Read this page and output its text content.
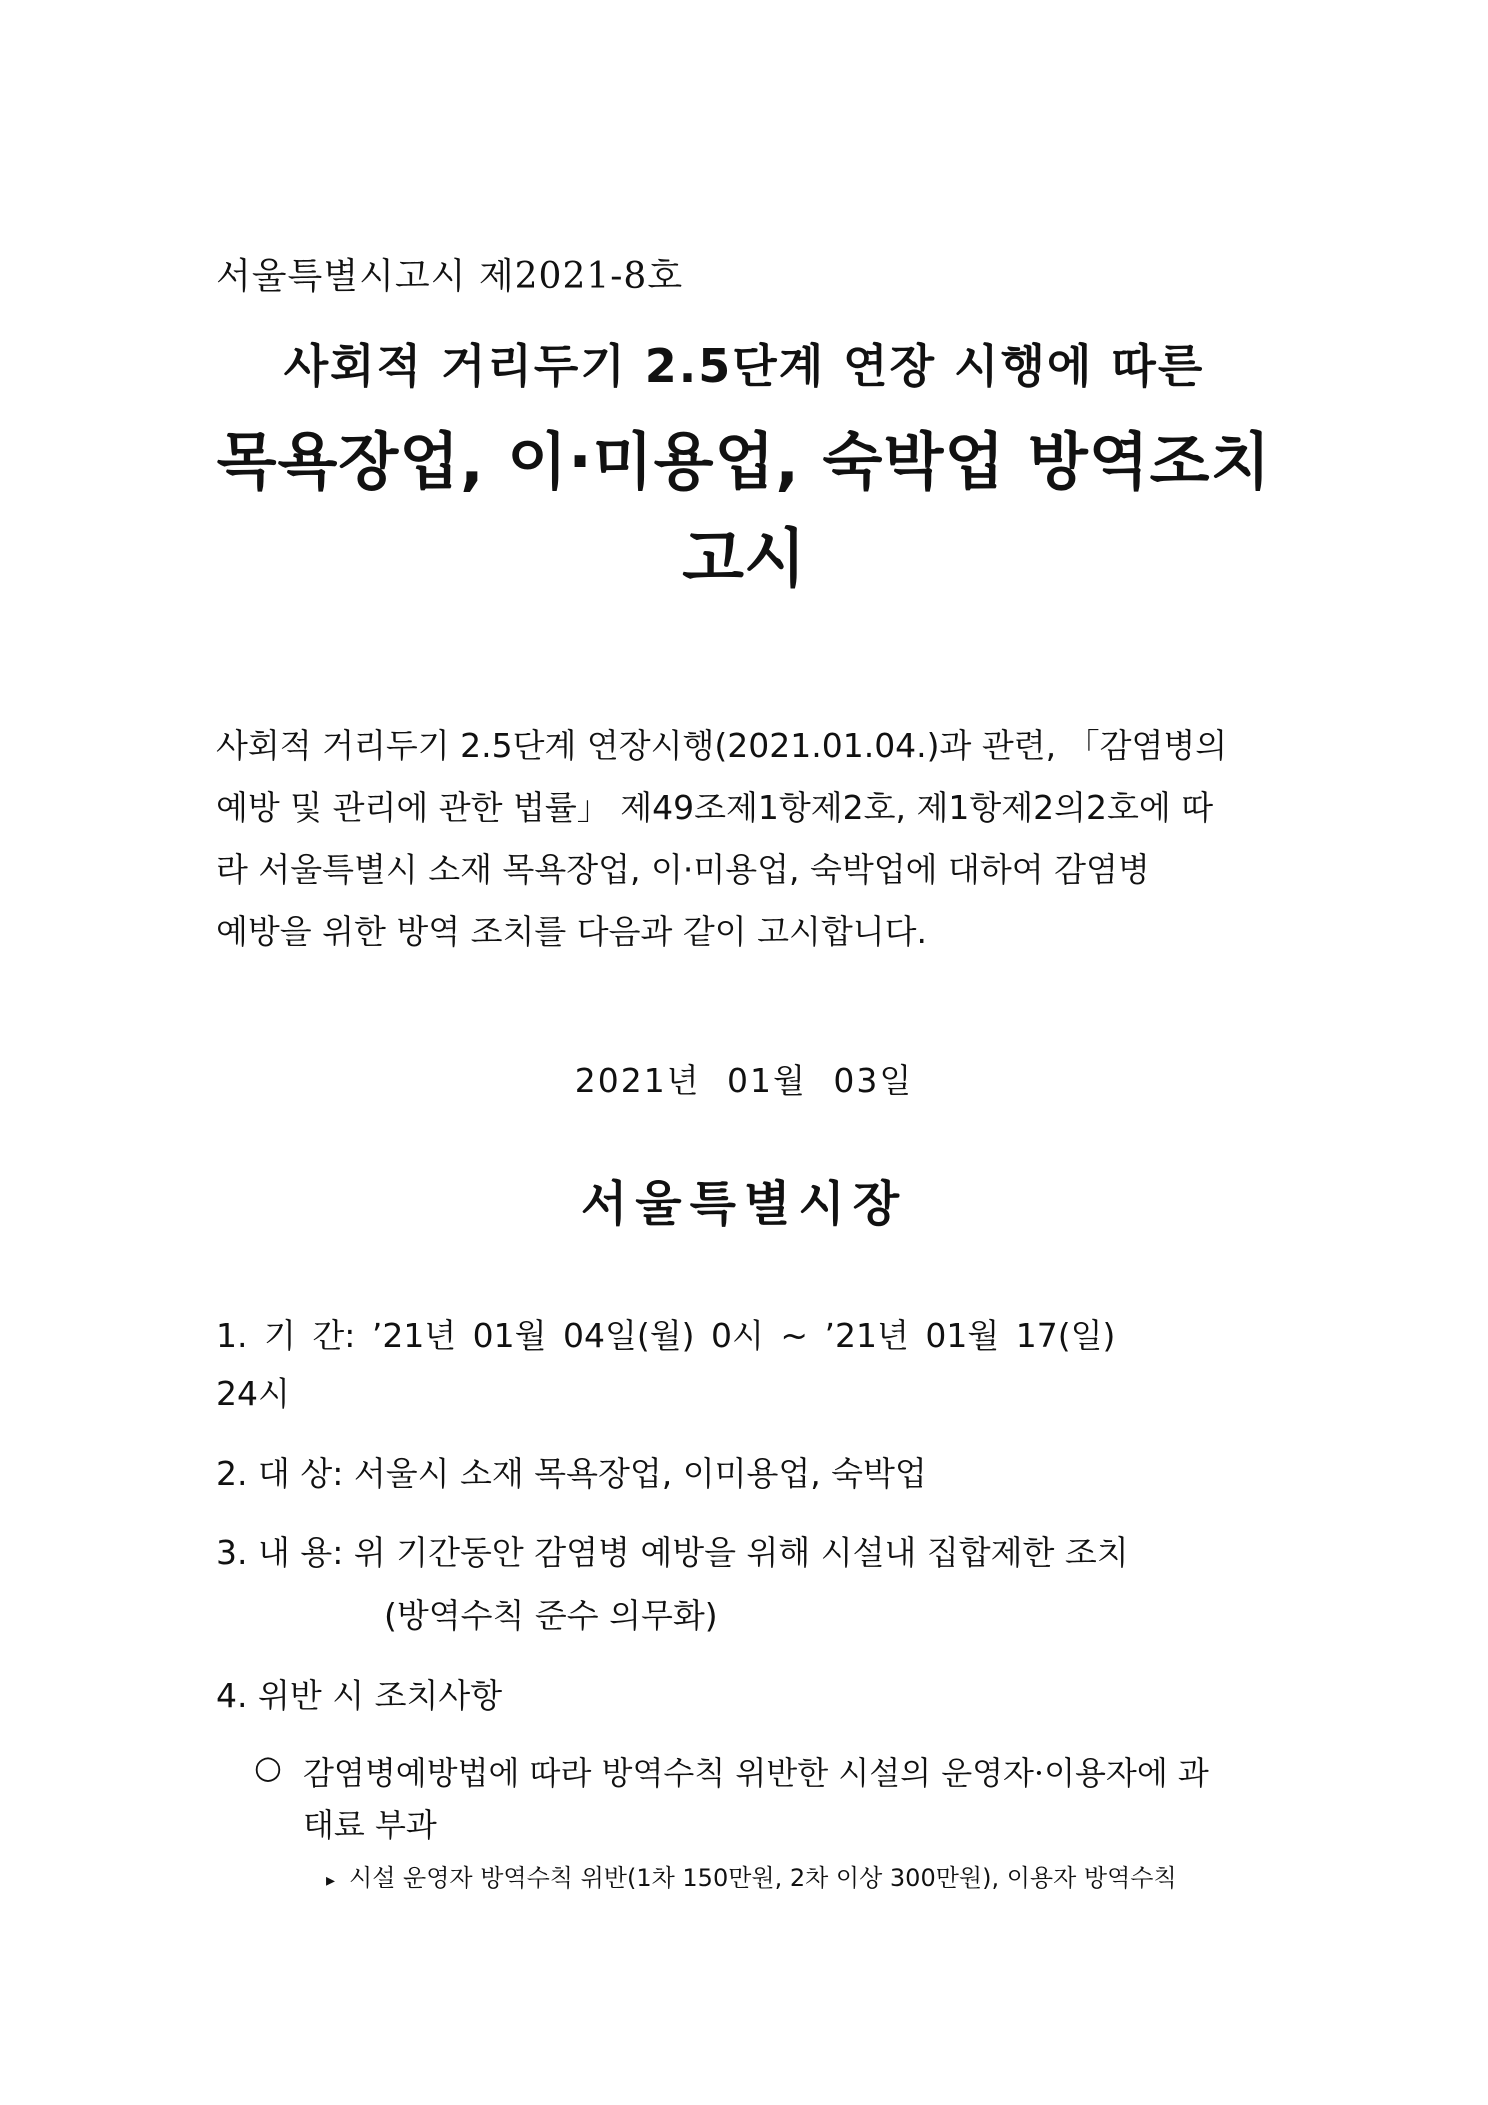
서울특별시고시 제2021-8호
사회적 거리두기 2.5단계 연장 시행에 따른
목욕장업, 이·미용업, 숙박업 방역조치
고시

사회적 거리두기 2.5단계 연장시행(2021.01.04.)과 관련, 「감염병의

예방 및 관리에 관한 법률」 제49조제1항제2호, 제1항제2의2호에 따

라 서울특별시 소재 목욕장업, 이·미용업, 숙박업에 대하여 감염병

예방을 위한 방역 조치를 다음과 같이 고시합니다.

2021년 01월 03일
서울특별시장
1. 기 간: ’21년 01월 04일(월) 0시 ~ ’21년 01월 17(일)
24시
2. 대 상: 서울시 소재 목욕장업, 이미용업, 숙박업
3. 내 용: 위 기간동안 감염병 예방을 위해 시설내 집합제한 조치
(방역수칙 준수 의무화)
4. 위반 시 조치사항
○ 감염병예방법에 따라 방역수칙 위반한 시설의 운영자·이용자에 과
태료 부과
▸ 시설 운영자 방역수칙 위반(1차 150만원, 2차 이상 300만원), 이용자 방역수칙
